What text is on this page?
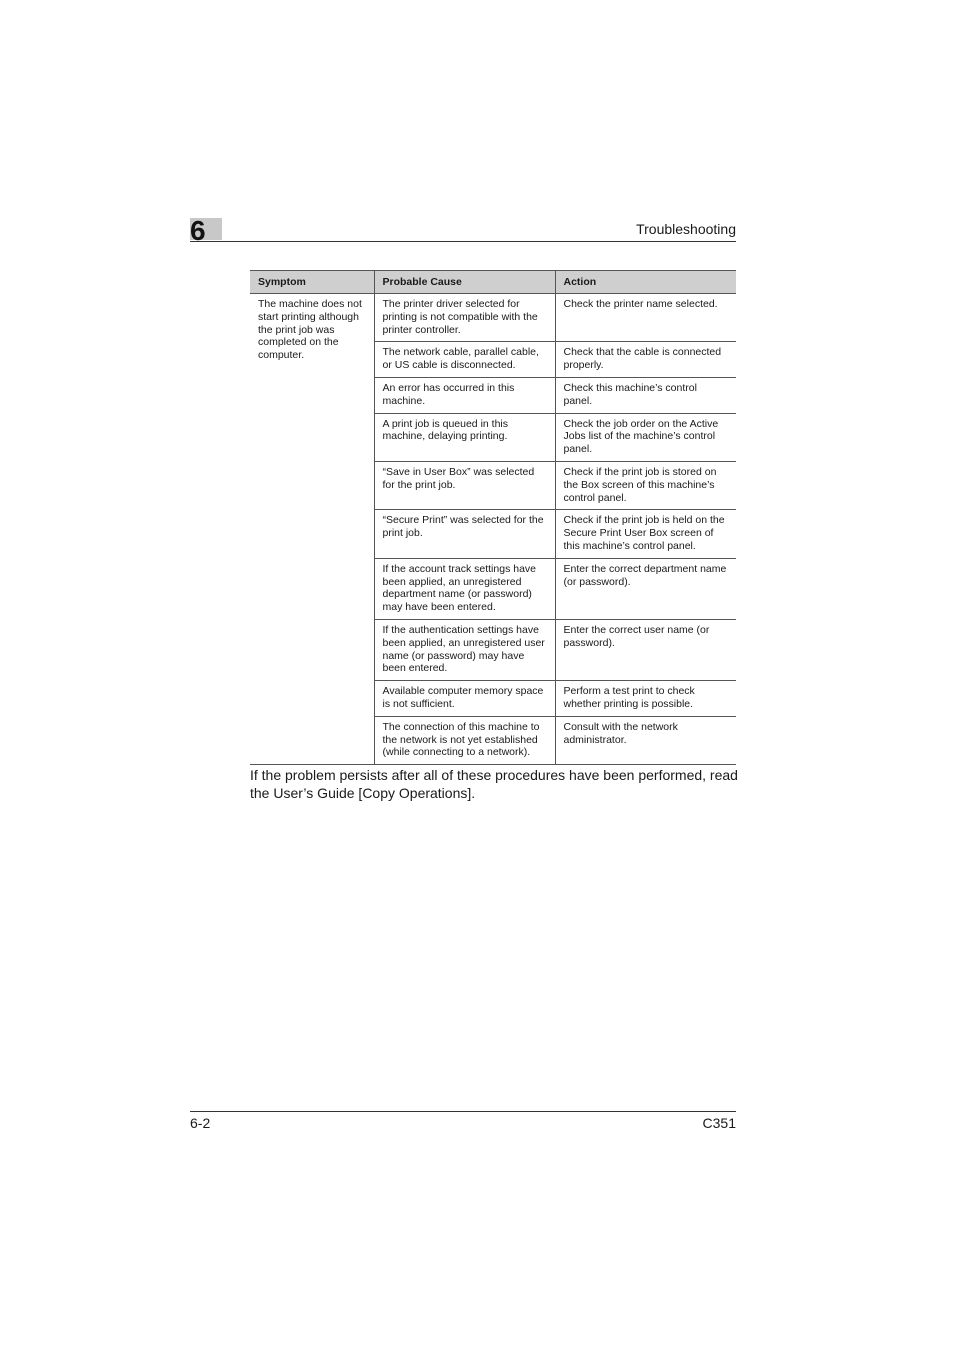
6	Troubleshooting
Symptom	Probable Cause	Action
The machine does not start printing although the print job was completed on the computer.	The printer driver selected for printing is not compatible with the printer controller.	Check the printer name selected.
	The network cable, parallel cable, or US cable is disconnected.	Check that the cable is connected properly.
	An error has occurred in this machine.	Check this machine’s control panel.
	A print job is queued in this machine, delaying printing.	Check the job order on the Active Jobs list of the machine’s control panel.
	“Save in User Box” was selected for the print job.	Check if the print job is stored on the Box screen of this machine’s control panel.
	“Secure Print” was selected for the print job.	Check if the print job is held on the Secure Print User Box screen of this machine’s control panel.
	If the account track settings have been applied, an unregistered department name (or password) may have been entered.	Enter the correct department name (or password).
	If the authentication settings have been applied, an unregistered user name (or password) may have been entered.	Enter the correct user name (or password).
	Available computer memory space is not sufficient.	Perform a test print to check whether printing is possible.
	The connection of this machine to the network is not yet established (while connecting to a network).	Consult with the network administrator.
If the problem persists after all of these procedures have been performed, read the User’s Guide [Copy Operations].
6-2	C351
